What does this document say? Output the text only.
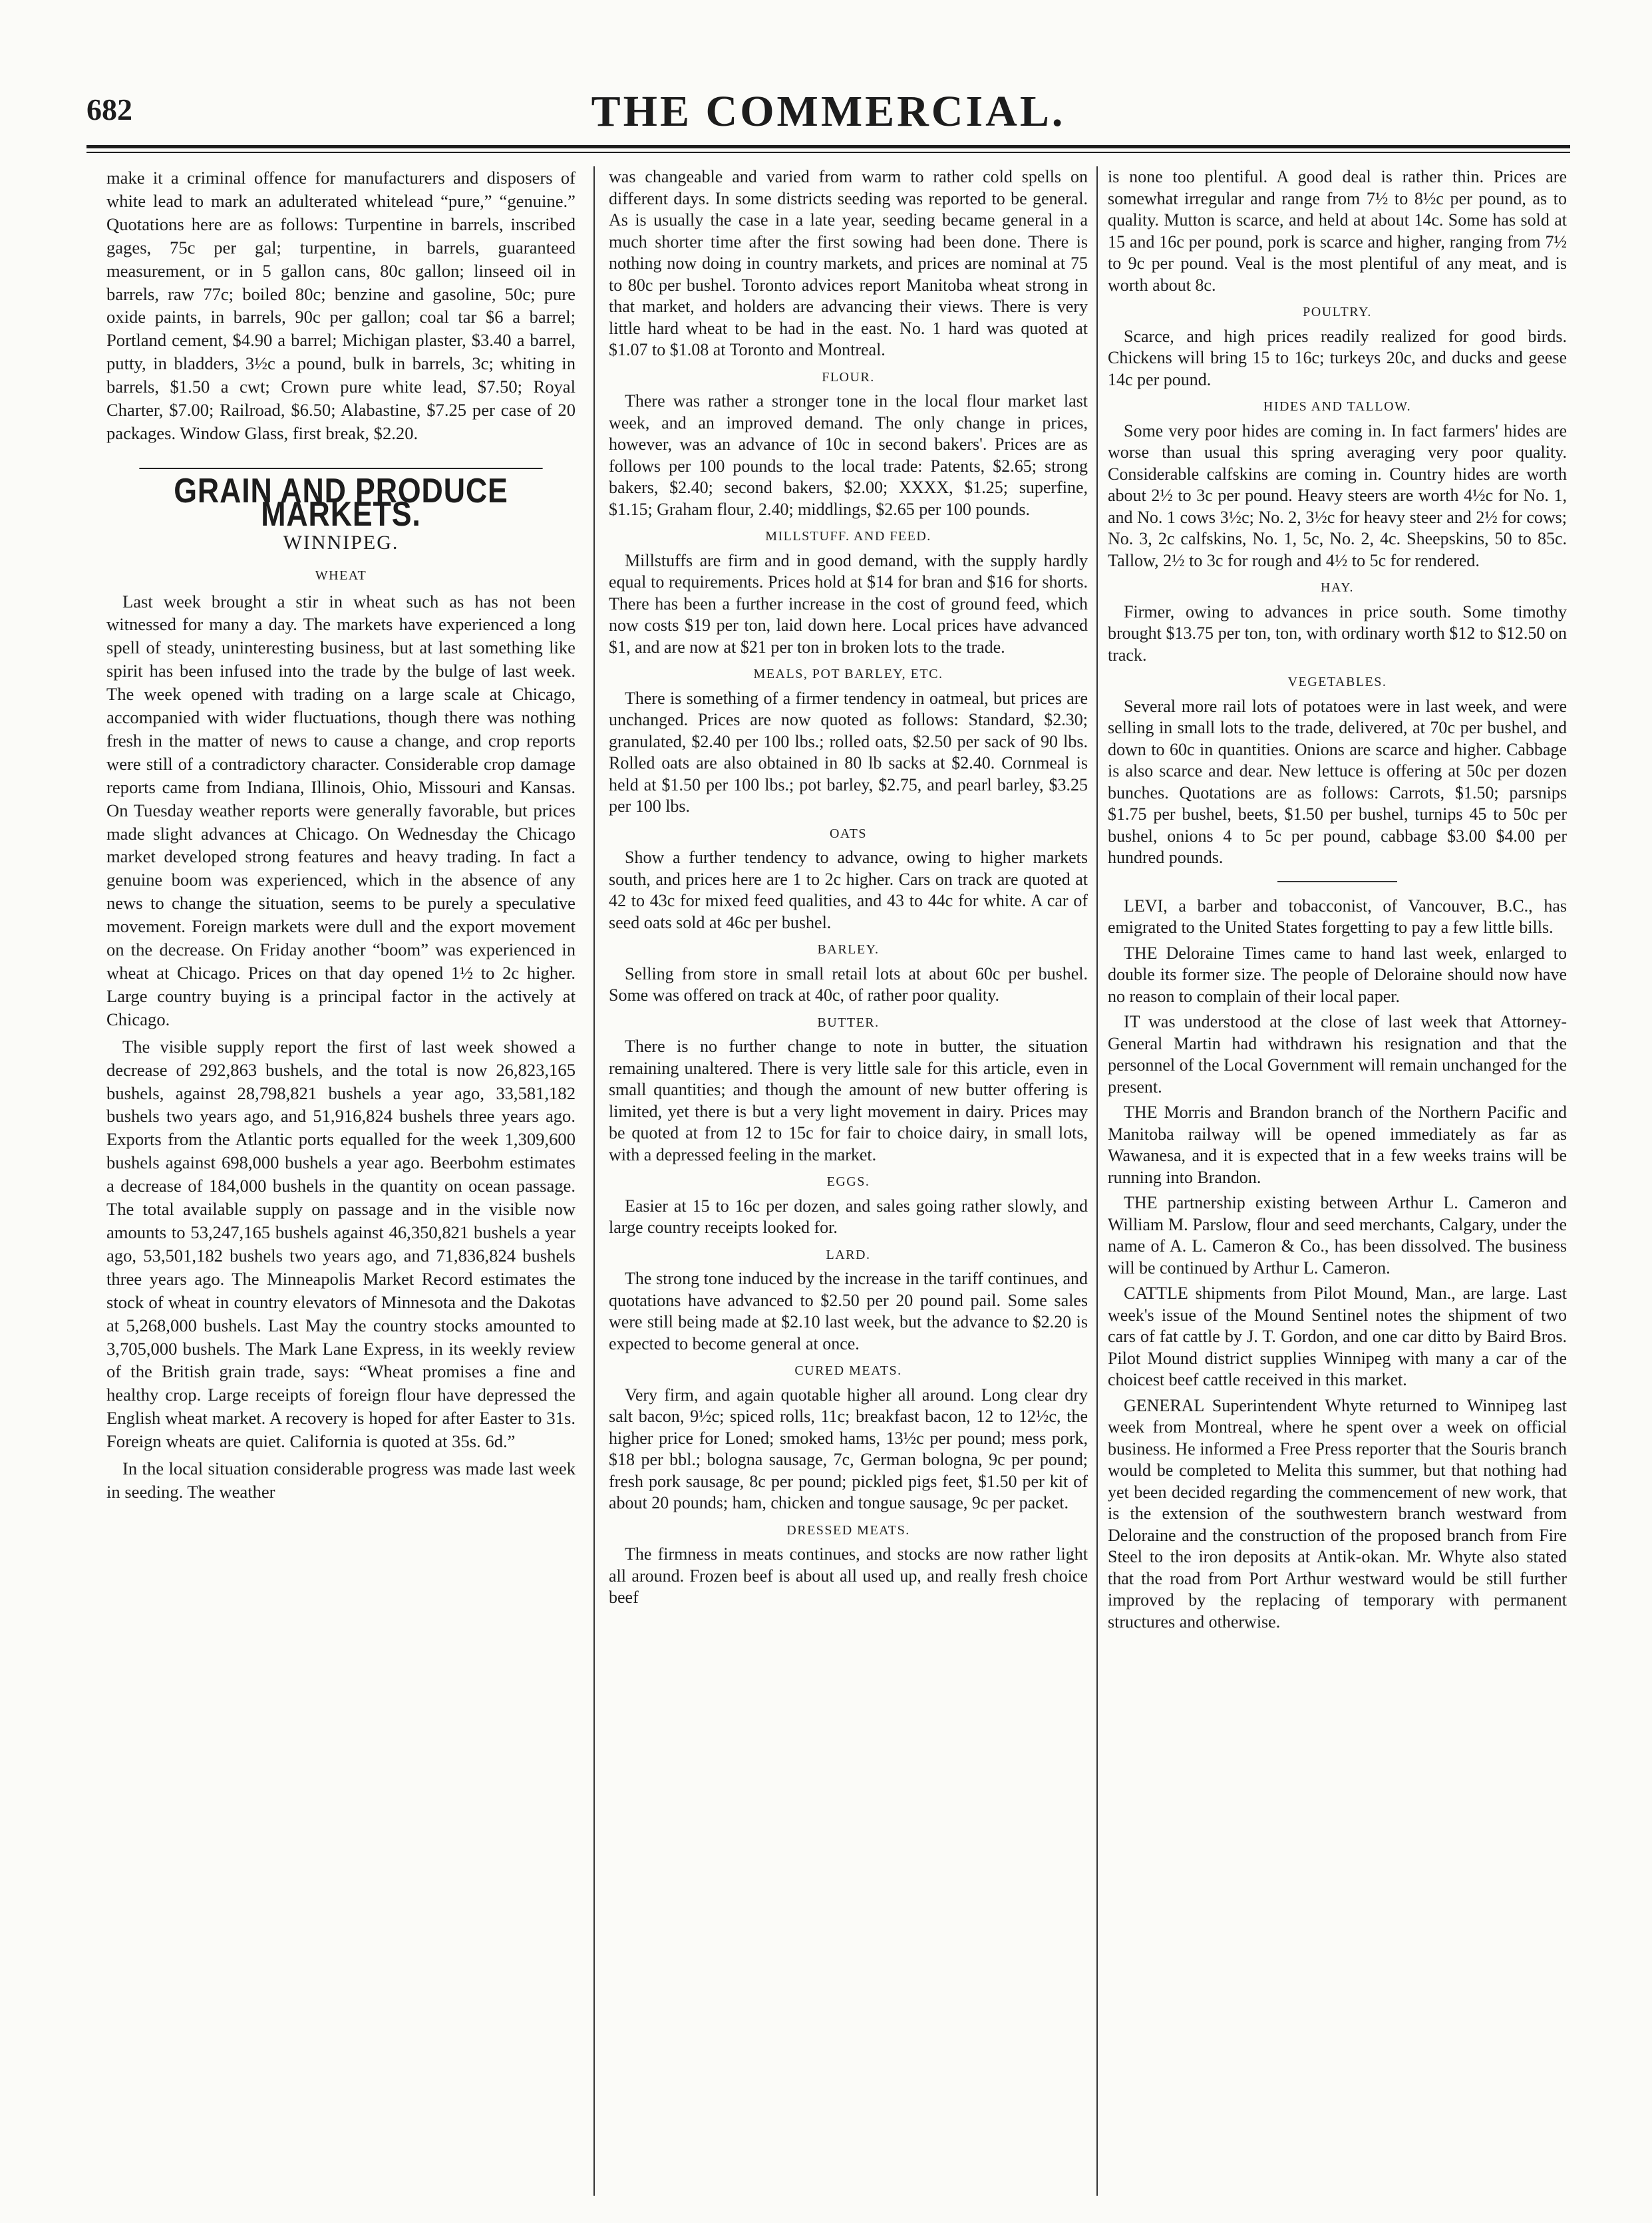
682	THE COMMERCIAL.

make it a criminal offence for manufacturers and disposers of white lead to mark an adulterated whitelead “pure,” “genuine.” Quotations here are as follows: Turpentine in barrels, inscribed gages, 75c per gal; turpentine, in barrels, guaranteed measurement, or in 5 gallon cans, 80c gallon; linseed oil in barrels, raw 77c; boiled 80c; benzine and gasoline, 50c; pure oxide paints, in barrels, 90c per gallon; coal tar $6 a barrel; Portland cement, $4.90 a barrel; Michigan plaster, $3.40 a barrel, putty, in bladders, 3½c a pound, bulk in barrels, 3c; whiting in barrels, $1.50 a cwt; Crown pure white lead, $7.50; Royal Charter, $7.00; Railroad, $6.50; Alabastine, $7.25 per case of 20 packages. Window Glass, first break, $2.20.

GRAIN AND PRODUCE MARKETS.
WINNIPEG.
WHEAT

Last week brought a stir in wheat such as has not been witnessed for many a day. The markets have experienced a long spell of steady, uninteresting business, but at last something like spirit has been infused into the trade by the bulge of last week. The week opened with trading on a large scale at Chicago, accompanied with wider fluctuations, though there was nothing fresh in the matter of news to cause a change, and crop reports were still of a contradictory character. Considerable crop damage reports came from Indiana, Illinois, Ohio, Missouri and Kansas. On Tuesday weather reports were generally favorable, but prices made slight advances at Chicago. On Wednesday the Chicago market developed strong features and heavy trading. In fact a genuine boom was experienced, which in the absence of any news to change the situation, seems to be purely a speculative movement. Foreign markets were dull and the export movement on the decrease. On Friday another “boom” was experienced in wheat at Chicago. Prices on that day opened 1½ to 2c higher. Large country buying is a principal factor in the actively at Chicago.

The visible supply report the first of last week showed a decrease of 292,863 bushels, and the total is now 26,823,165 bushels, against 28,798,821 bushels a year ago, 33,581,182 bushels two years ago, and 51,916,824 bushels three years ago. Exports from the Atlantic ports equalled for the week 1,309,600 bushels against 698,000 bushels a year ago. Beerbohm estimates a decrease of 184,000 bushels in the quantity on ocean passage. The total available supply on passage and in the visible now amounts to 53,247,165 bushels against 46,350,821 bushels a year ago, 53,501,182 bushels two years ago, and 71,836,824 bushels three years ago. The Minneapolis Market Record estimates the stock of wheat in country elevators of Minnesota and the Dakotas at 5,268,000 bushels. Last May the country stocks amounted to 3,705,000 bushels. The Mark Lane Express, in its weekly review of the British grain trade, says: “Wheat promises a fine and healthy crop. Large receipts of foreign flour have depressed the English wheat market. A recovery is hoped for after Easter to 31s. Foreign wheats are quiet. California is quoted at 35s. 6d.”

In the local situation considerable progress was made last week in seeding. The weather

was changeable and varied from warm to rather cold spells on different days. In some districts seeding was reported to be general. As is usually the case in a late year, seeding became general in a much shorter time after the first sowing had been done. There is nothing now doing in country markets, and prices are nominal at 75 to 80c per bushel. Toronto advices report Manitoba wheat strong in that market, and holders are advancing their views. There is very little hard wheat to be had in the east. No. 1 hard was quoted at $1.07 to $1.08 at Toronto and Montreal.

FLOUR.

There was rather a stronger tone in the local flour market last week, and an improved demand. The only change in prices, however, was an advance of 10c in second bakers'. Prices are as follows per 100 pounds to the local trade: Patents, $2.65; strong bakers, $2.40; second bakers, $2.00; XXXX, $1.25; superfine, $1.15; Graham flour, 2.40; middlings, $2.65 per 100 pounds.

MILLSTUFF. AND FEED.

Millstuffs are firm and in good demand, with the supply hardly equal to requirements. Prices hold at $14 for bran and $16 for shorts. There has been a further increase in the cost of ground feed, which now costs $19 per ton, laid down here. Local prices have advanced $1, and are now at $21 per ton in broken lots to the trade.

MEALS, POT BARLEY, ETC.

There is something of a firmer tendency in oatmeal, but prices are unchanged. Prices are now quoted as follows: Standard, $2.30; granulated, $2.40 per 100 lbs.; rolled oats, $2.50 per sack of 90 lbs. Rolled oats are also obtained in 80 lb sacks at $2.40. Cornmeal is held at $1.50 per 100 lbs.; pot barley, $2.75, and pearl barley, $3.25 per 100 lbs.

OATS

Show a further tendency to advance, owing to higher markets south, and prices here are 1 to 2c higher. Cars on track are quoted at 42 to 43c for mixed feed qualities, and 43 to 44c for white. A car of seed oats sold at 46c per bushel.

BARLEY.

Selling from store in small retail lots at about 60c per bushel. Some was offered on track at 40c, of rather poor quality.

BUTTER.

There is no further change to note in butter, the situation remaining unaltered. There is very little sale for this article, even in small quantities; and though the amount of new butter offering is limited, yet there is but a very light movement in dairy. Prices may be quoted at from 12 to 15c for fair to choice dairy, in small lots, with a depressed feeling in the market.

EGGS.

Easier at 15 to 16c per dozen, and sales going rather slowly, and large country receipts looked for.

LARD.

The strong tone induced by the increase in the tariff continues, and quotations have advanced to $2.50 per 20 pound pail. Some sales were still being made at $2.10 last week, but the advance to $2.20 is expected to become general at once.

CURED MEATS.

Very firm, and again quotable higher all around. Long clear dry salt bacon, 9½c; spiced rolls, 11c; breakfast bacon, 12 to 12½c, the higher price for Loned; smoked hams, 13½c per pound; mess pork, $18 per bbl.; bologna sausage, 7c, German bologna, 9c per pound; fresh pork sausage, 8c per pound; pickled pigs feet, $1.50 per kit of about 20 pounds; ham, chicken and tongue sausage, 9c per packet.

DRESSED MEATS.

The firmness in meats continues, and stocks are now rather light all around. Frozen beef is about all used up, and really fresh choice beef

is none too plentiful. A good deal is rather thin. Prices are somewhat irregular and range from 7½ to 8½c per pound, as to quality. Mutton is scarce, and held at about 14c. Some has sold at 15 and 16c per pound, pork is scarce and higher, ranging from 7½ to 9c per pound. Veal is the most plentiful of any meat, and is worth about 8c.

POULTRY.

Scarce, and high prices readily realized for good birds. Chickens will bring 15 to 16c; turkeys 20c, and ducks and geese 14c per pound.

HIDES AND TALLOW.

Some very poor hides are coming in. In fact farmers' hides are worse than usual this spring averaging very poor quality. Considerable calfskins are coming in. Country hides are worth about 2½ to 3c per pound. Heavy steers are worth 4½c for No. 1, and No. 1 cows 3½c; No. 2, 3½c for heavy steer and 2½ for cows; No. 3, 2c calfskins, No. 1, 5c, No. 2, 4c. Sheepskins, 50 to 85c. Tallow, 2½ to 3c for rough and 4½ to 5c for rendered.

HAY.

Firmer, owing to advances in price south. Some timothy brought $13.75 per ton, ton, with ordinary worth $12 to $12.50 on track.

VEGETABLES.

Several more rail lots of potatoes were in last week, and were selling in small lots to the trade, delivered, at 70c per bushel, and down to 60c in quantities. Onions are scarce and higher. Cabbage is also scarce and dear. New lettuce is offering at 50c per dozen bunches. Quotations are as follows: Carrots, $1.50; parsnips $1.75 per bushel, beets, $1.50 per bushel, turnips 45 to 50c per bushel, onions 4 to 5c per pound, cabbage $3.00 $4.00 per hundred pounds.

LEVI, a barber and tobacconist, of Vancouver, B.C., has emigrated to the United States forgetting to pay a few little bills.

THE Deloraine Times came to hand last week, enlarged to double its former size. The people of Deloraine should now have no reason to complain of their local paper.

IT was understood at the close of last week that Attorney-General Martin had withdrawn his resignation and that the personnel of the Local Government will remain unchanged for the present.

THE Morris and Brandon branch of the Northern Pacific and Manitoba railway will be opened immediately as far as Wawanesa, and it is expected that in a few weeks trains will be running into Brandon.

THE partnership existing between Arthur L. Cameron and William M. Parslow, flour and seed merchants, Calgary, under the name of A. L. Cameron & Co., has been dissolved. The business will be continued by Arthur L. Cameron.

CATTLE shipments from Pilot Mound, Man., are large. Last week's issue of the Mound Sentinel notes the shipment of two cars of fat cattle by J. T. Gordon, and one car ditto by Baird Bros. Pilot Mound district supplies Winnipeg with many a car of the choicest beef cattle received in this market.

GENERAL Superintendent Whyte returned to Winnipeg last week from Montreal, where he spent over a week on official business. He informed a Free Press reporter that the Souris branch would be completed to Melita this summer, but that nothing had yet been decided regarding the commencement of new work, that is the extension of the southwestern branch westward from Deloraine and the construction of the proposed branch from Fire Steel to the iron deposits at Antik-okan. Mr. Whyte also stated that the road from Port Arthur westward would be still further improved by the replacing of temporary with permanent structures and otherwise.
